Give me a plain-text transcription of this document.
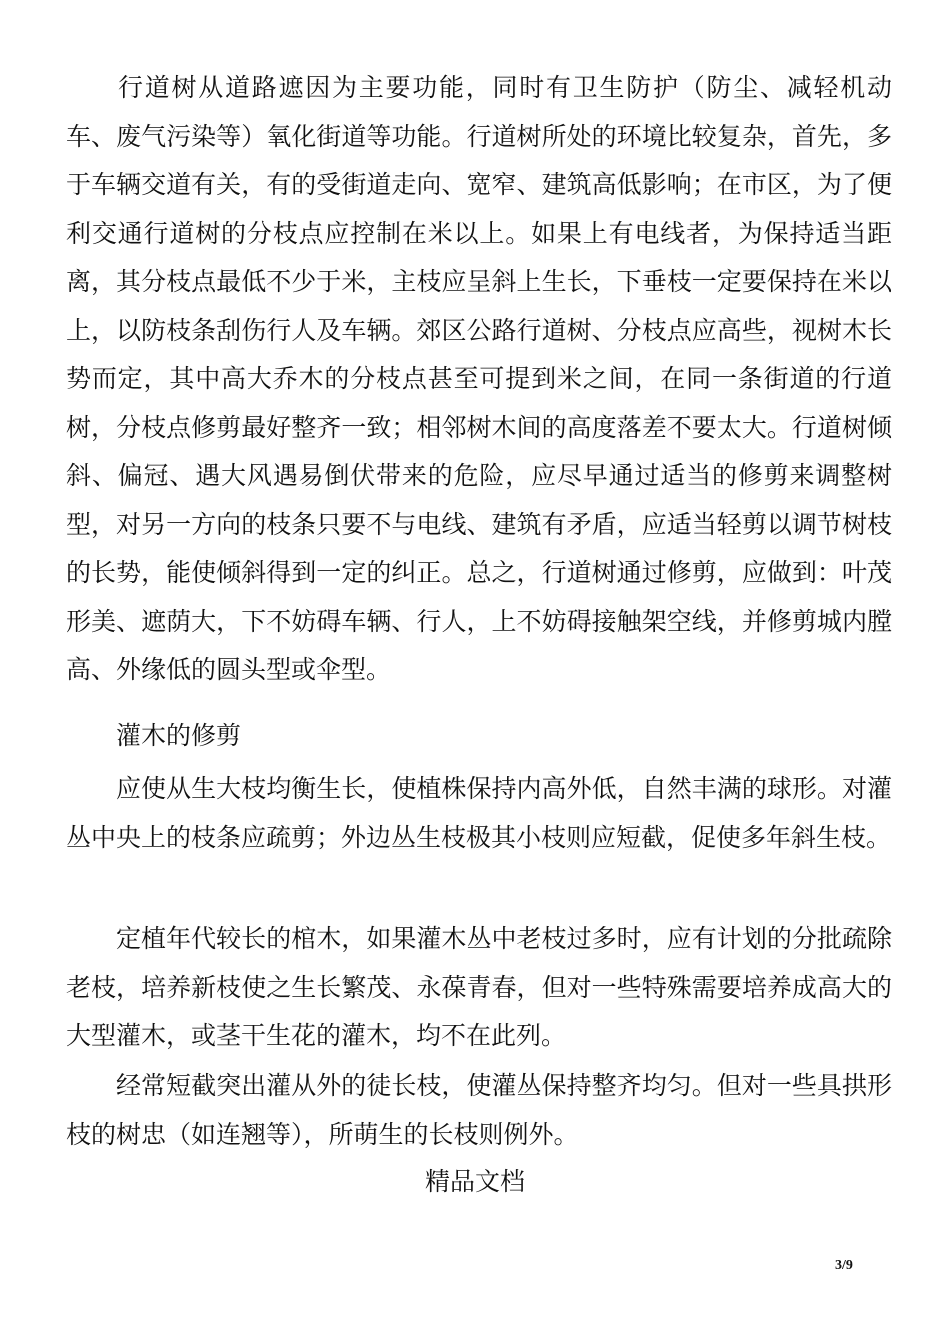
行道树从道路遮因为主要功能，同时有卫生防护（防尘、减轻机动车、废气污染等）氧化街道等功能。行道树所处的环境比较复杂，首先，多于车辆交道有关，有的受街道走向、宽窄、建筑高低影响；在市区，为了便利交通行道树的分枝点应控制在米以上。如果上有电线者，为保持适当距离，其分枝点最低不少于米，主枝应呈斜上生长，下垂枝一定要保持在米以上，以防枝条刮伤行人及车辆。郊区公路行道树、分枝点应高些，视树木长势而定，其中高大乔木的分枝点甚至可提到米之间，在同一条街道的行道树，分枝点修剪最好整齐一致；相邻树木间的高度落差不要太大。行道树倾斜、偏冠、遇大风遇易倒伏带来的危险，应尽早通过适当的修剪来调整树型，对另一方向的枝条只要不与电线、建筑有矛盾，应适当轻剪以调节树枝的长势，能使倾斜得到一定的纠正。总之，行道树通过修剪，应做到：叶茂形美、遮荫大，下不妨碍车辆、行人，上不妨碍接触架空线，并修剪城内膛高、外缘低的圆头型或伞型。

灌木的修剪

应使从生大枝均衡生长，使植株保持内高外低，自然丰满的球形。对灌丛中央上的枝条应疏剪；外边丛生枝极其小枝则应短截，促使多年斜生枝。

定植年代较长的棺木，如果灌木丛中老枝过多时，应有计划的分批疏除老枝，培养新枝使之生长繁茂、永葆青春，但对一些特殊需要培养成高大的大型灌木，或茎干生花的灌木，均不在此列。

经常短截突出灌从外的徒长枝，使灌丛保持整齐均匀。但对一些具拱形枝的树忠（如连翘等），所萌生的长枝则例外。

精品文档
3/9
